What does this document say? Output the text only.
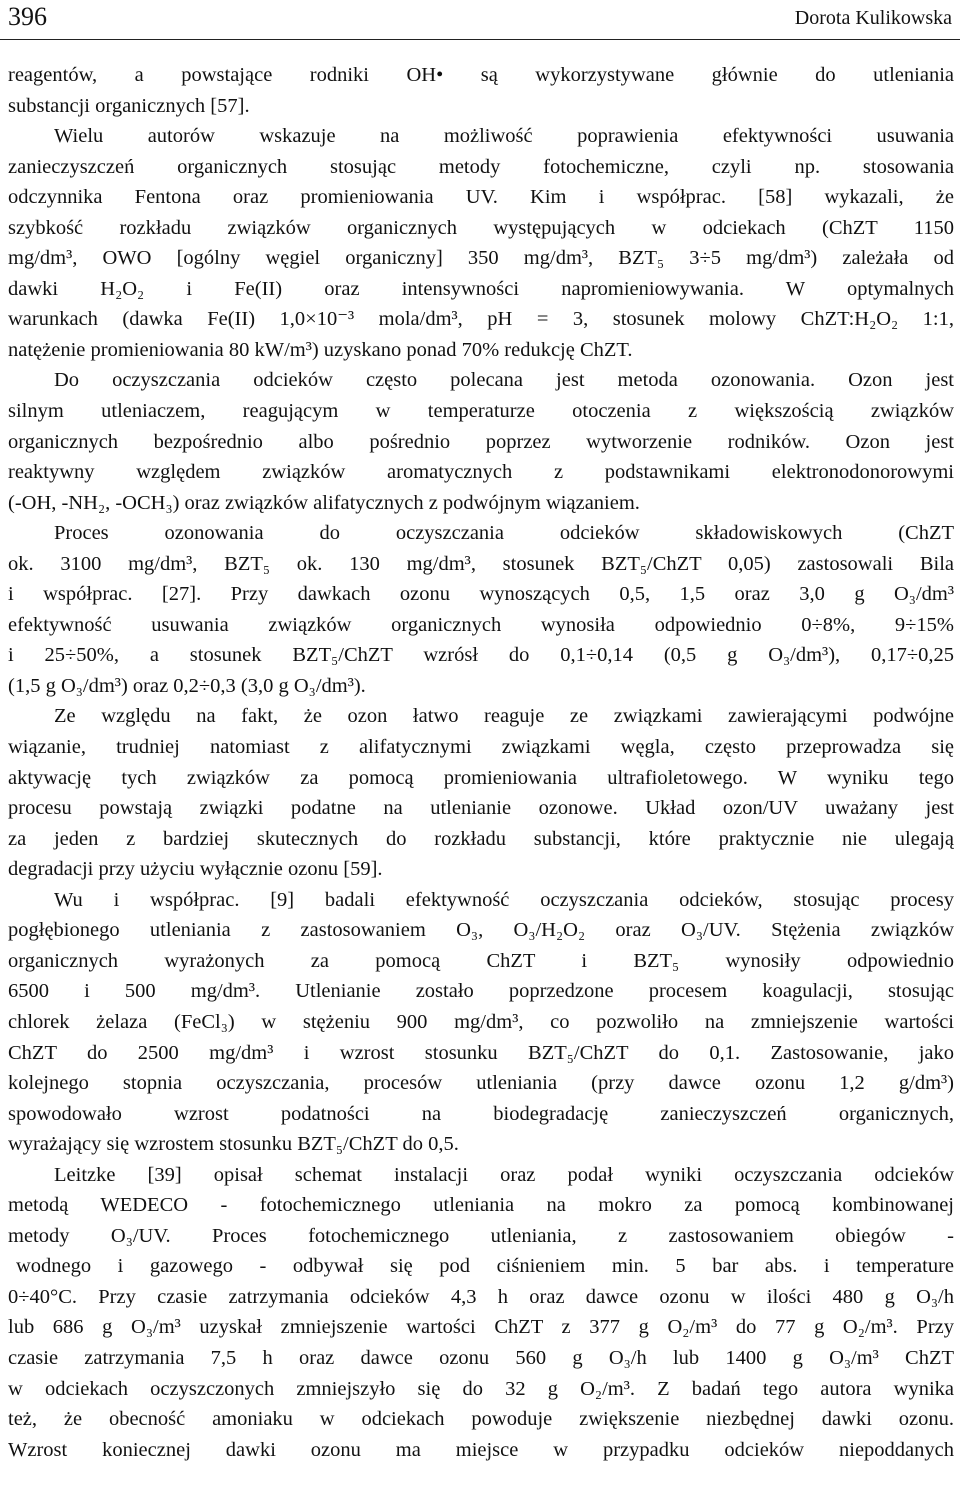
396	Dorota Kulikowska
reagentów, a powstające rodniki OH• są wykorzystywane głównie do utleniania
substancji organicznych [57].
Wielu autorów wskazuje na możliwość poprawienia efektywności usuwania
zanieczyszczeń organicznych stosując metody fotochemiczne, czyli np. stosowania
odczynnika Fentona oraz promieniowania UV. Kim i współprac. [58] wykazali, że
szybkość rozkładu związków organicznych występujących w odciekach (ChZT 1150
mg/dm³, OWO [ogólny węgiel organiczny] 350 mg/dm³, BZT₅ 3÷5 mg/dm³) zależała od
dawki H₂O₂ i Fe(II) oraz intensywności napromieniowywania. W optymalnych
warunkach (dawka Fe(II) 1,0×10⁻³ mola/dm³, pH = 3, stosunek molowy ChZT:H₂O₂ 1:1,
natężenie promieniowania 80 kW/m³) uzyskano ponad 70% redukcję ChZT.
Do oczyszczania odcieków często polecana jest metoda ozonowania. Ozon jest
silnym utleniaczem, reagującym w temperaturze otoczenia z większością związków
organicznych bezpośrednio albo pośrednio poprzez wytworzenie rodników. Ozon jest
reaktywny względem związków aromatycznych z podstawnikami elektronodonorowymi
(-OH, -NH₂, -OCH₃) oraz związków alifatycznych z podwójnym wiązaniem.
Proces ozonowania do oczyszczania odcieków składowiskowych (ChZT
ok. 3100 mg/dm³, BZT₅ ok. 130 mg/dm³, stosunek BZT₅/ChZT 0,05) zastosowali Bila
i współprac. [27]. Przy dawkach ozonu wynoszących 0,5, 1,5 oraz 3,0 g O₃/dm³
efektywność usuwania związków organicznych wynosiła odpowiednio 0÷8%, 9÷15%
i 25÷50%, a stosunek BZT₅/ChZT wzrósł do 0,1÷0,14 (0,5 g O₃/dm³), 0,17÷0,25
(1,5 g O₃/dm³) oraz 0,2÷0,3 (3,0 g O₃/dm³).
Ze względu na fakt, że ozon łatwo reaguje ze związkami zawierającymi podwójne
wiązanie, trudniej natomiast z alifatycznymi związkami węgla, często przeprowadza się
aktywację tych związków za pomocą promieniowania ultrafioletowego. W wyniku tego
procesu powstają związki podatne na utlenianie ozonowe. Układ ozon/UV uważany jest
za jeden z bardziej skutecznych do rozkładu substancji, które praktycznie nie ulegają
degradacji przy użyciu wyłącznie ozonu [59].
Wu i współprac. [9] badali efektywność oczyszczania odcieków, stosując procesy
pogłębionego utleniania z zastosowaniem O₃, O₃/H₂O₂ oraz O₃/UV. Stężenia związków
organicznych wyrażonych za pomocą ChZT i BZT₅ wynosiły odpowiednio
6500 i 500 mg/dm³. Utlenianie zostało poprzedzone procesem koagulacji, stosując
chlorek żelaza (FeCl₃) w stężeniu 900 mg/dm³, co pozwoliło na zmniejszenie wartości
ChZT do 2500 mg/dm³ i wzrost stosunku BZT₅/ChZT do 0,1. Zastosowanie, jako
kolejnego stopnia oczyszczania, procesów utleniania (przy dawce ozonu 1,2 g/dm³)
spowodowało wzrost podatności na biodegradację zanieczyszczeń organicznych,
wyrażający się wzrostem stosunku BZT₅/ChZT do 0,5.
Leitzke [39] opisał schemat instalacji oraz podał wyniki oczyszczania odcieków
metodą WEDECO - fotochemicznego utleniania na mokro za pomocą kombinowanej
metody O₃/UV. Proces fotochemicznego utleniania, z zastosowaniem obiegów -
wodnego i gazowego - odbywał się pod ciśnieniem min. 5 bar abs. i temperature
0÷40°C. Przy czasie zatrzymania odcieków 4,3 h oraz dawce ozonu w ilości 480 g O₃/h
lub 686 g O₃/m³ uzyskał zmniejszenie wartości ChZT z 377 g O₂/m³ do 77 g O₂/m³. Przy
czasie zatrzymania 7,5 h oraz dawce ozonu 560 g O₃/h lub 1400 g O₃/m³ ChZT
w odciekach oczyszczonych zmniejszyło się do 32 g O₂/m³. Z badań tego autora wynika
też, że obecność amoniaku w odciekach powoduje zwiększenie niezbędnej dawki ozonu.
Wzrost koniecznej dawki ozonu ma miejsce w przypadku odcieków niepoddanych
